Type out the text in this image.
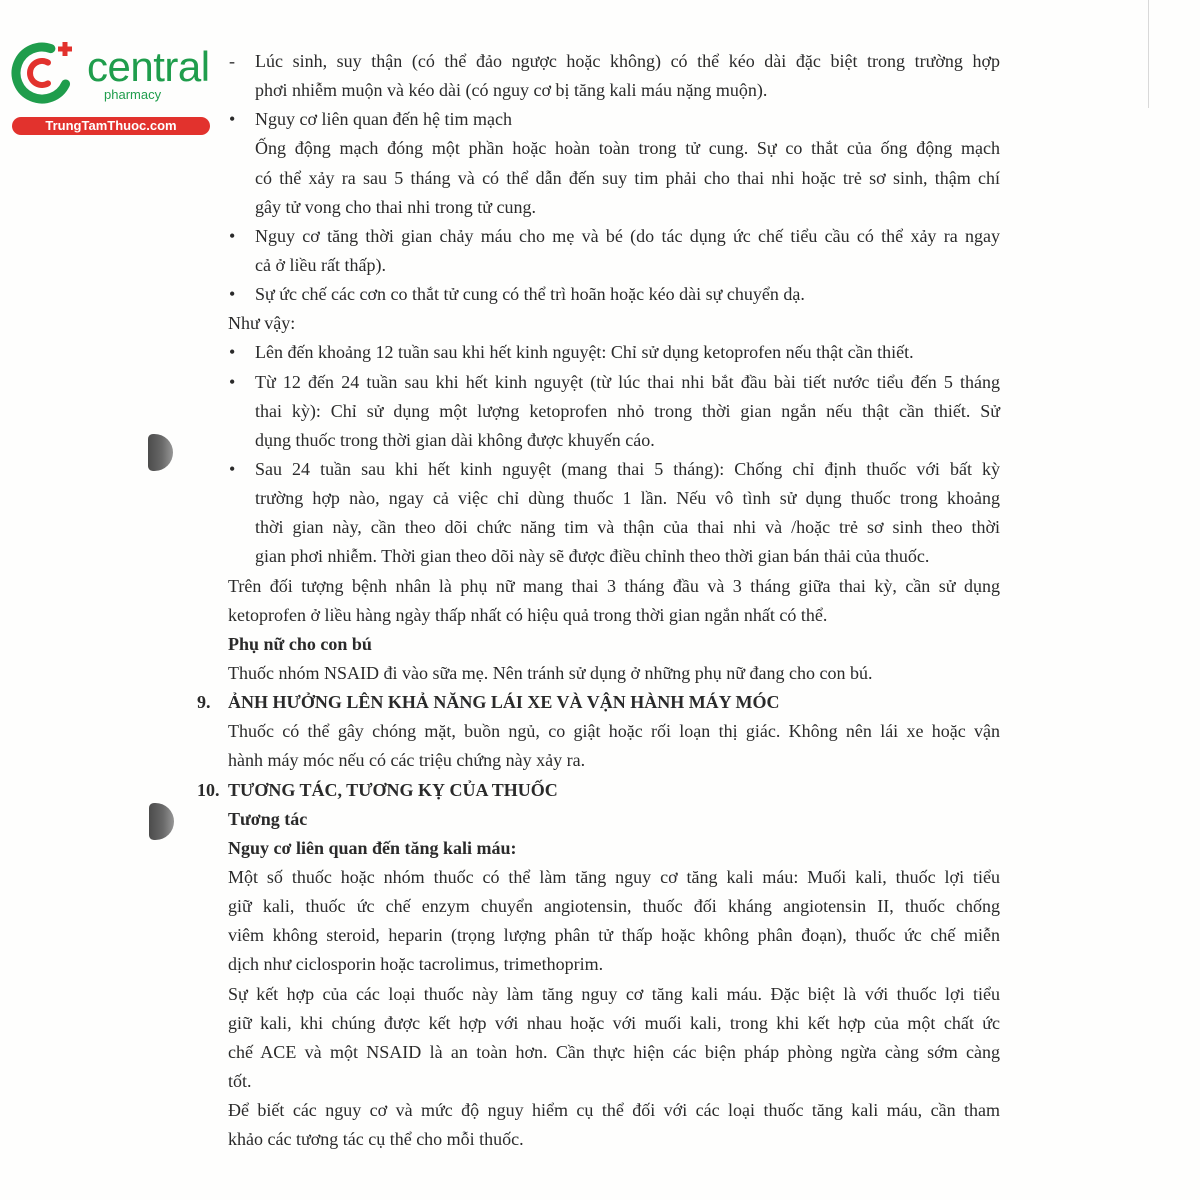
central
pharmacy
TrungTamThuoc.com
- Lúc sinh, suy thận (có thể đảo ngược hoặc không) có thể kéo dài đặc biệt trong trường hợp
phơi nhiễm muộn và kéo dài (có nguy cơ bị tăng kali máu nặng muộn).
• Nguy cơ liên quan đến hệ tim mạch
Ống động mạch đóng một phần hoặc hoàn toàn trong tử cung. Sự co thắt của ống động mạch
có thể xảy ra sau 5 tháng và có thể dẫn đến suy tim phải cho thai nhi hoặc trẻ sơ sinh, thậm chí
gây tử vong cho thai nhi trong tử cung.
• Nguy cơ tăng thời gian chảy máu cho mẹ và bé (do tác dụng ức chế tiểu cầu có thể xảy ra ngay
cả ở liều rất thấp).
• Sự ức chế các cơn co thắt tử cung có thể trì hoãn hoặc kéo dài sự chuyển dạ.
Như vậy:
• Lên đến khoảng 12 tuần sau khi hết kinh nguyệt: Chỉ sử dụng ketoprofen nếu thật cần thiết.
• Từ 12 đến 24 tuần sau khi hết kinh nguyệt (từ lúc thai nhi bắt đầu bài tiết nước tiểu đến 5 tháng
thai kỳ): Chỉ sử dụng một lượng ketoprofen nhỏ trong thời gian ngắn nếu thật cần thiết. Sử
dụng thuốc trong thời gian dài không được khuyến cáo.
• Sau 24 tuần sau khi hết kinh nguyệt (mang thai 5 tháng): Chống chỉ định thuốc với bất kỳ
trường hợp nào, ngay cả việc chỉ dùng thuốc 1 lần. Nếu vô tình sử dụng thuốc trong khoảng
thời gian này, cần theo dõi chức năng tim và thận của thai nhi và /hoặc trẻ sơ sinh theo thời
gian phơi nhiễm. Thời gian theo dõi này sẽ được điều chỉnh theo thời gian bán thải của thuốc.
Trên đối tượng bệnh nhân là phụ nữ mang thai 3 tháng đầu và 3 tháng giữa thai kỳ, cần sử dụng
ketoprofen ở liều hàng ngày thấp nhất có hiệu quả trong thời gian ngắn nhất có thể.
Phụ nữ cho con bú
Thuốc nhóm NSAID đi vào sữa mẹ. Nên tránh sử dụng ở những phụ nữ đang cho con bú.
9. ẢNH HƯỞNG LÊN KHẢ NĂNG LÁI XE VÀ VẬN HÀNH MÁY MÓC
Thuốc có thể gây chóng mặt, buồn ngủ, co giật hoặc rối loạn thị giác. Không nên lái xe hoặc vận
hành máy móc nếu có các triệu chứng này xảy ra.
10. TƯƠNG TÁC, TƯƠNG KỴ CỦA THUỐC
Tương tác
Nguy cơ liên quan đến tăng kali máu:
Một số thuốc hoặc nhóm thuốc có thể làm tăng nguy cơ tăng kali máu: Muối kali, thuốc lợi tiểu
giữ kali, thuốc ức chế enzym chuyển angiotensin, thuốc đối kháng angiotensin II, thuốc chống
viêm không steroid, heparin (trọng lượng phân tử thấp hoặc không phân đoạn), thuốc ức chế miễn
dịch như ciclosporin hoặc tacrolimus, trimethoprim.
Sự kết hợp của các loại thuốc này làm tăng nguy cơ tăng kali máu. Đặc biệt là với thuốc lợi tiểu
giữ kali, khi chúng được kết hợp với nhau hoặc với muối kali, trong khi kết hợp của một chất ức
chế ACE và một NSAID là an toàn hơn. Cần thực hiện các biện pháp phòng ngừa càng sớm càng
tốt.
Để biết các nguy cơ và mức độ nguy hiểm cụ thể đối với các loại thuốc tăng kali máu, cần tham
khảo các tương tác cụ thể cho mỗi thuốc.
